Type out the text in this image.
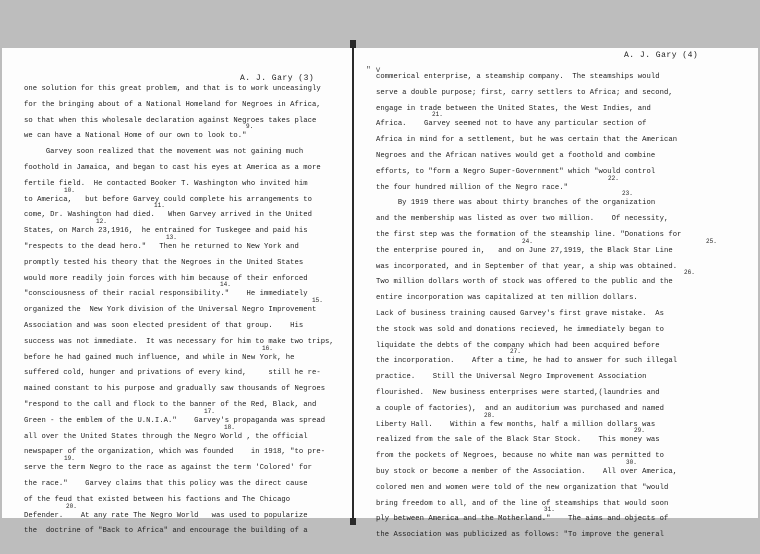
A. J. Gary (3)
one solution for this great problem, and that is to work unceasingly
for the bringing about of a National Homeland for Negroes in Africa,
so that when this wholesale declaration against Negroes takes place
we can have a National Home of our own to look to."
Garvey soon realized that the movement was not gaining much
foothold in Jamaica, and began to cast his eyes at America as a more
fertile field.  He contacted Booker T. Washington who invited him
to America,   but before Garvey could complete his arrangements to
come, Dr. Washington had died.   When Garvey arrived in the United
States, on March 23,1916,  he entrained for Tuskegee and paid his
"respects to the dead hero."   Then he returned to New York and
promptly tested his theory that the Negroes in the United States
would more readily join forces with him because of their enforced
"consciousness of their racial responsibility."    He immediately
organized the  New York division of the Universal Negro Improvement
Association and was soon elected president of that group.    His
success was not immediate.  It was necessary for him to make two trips,
before he had gained much influence, and while in New York, he
suffered cold, hunger and privations of every kind,     still he re-
mained constant to his purpose and gradually saw thousands of Negroes
"respond to the call and flock to the banner of the Red, Black, and
Green - the emblem of the U.N.I.A."    Garvey's propaganda was spread
all over the United States through the Negro World , the official
newspaper of the organization, which was founded    in 1918, "to pre-
serve the term Negro to the race as against the term 'Colored' for
the race."    Garvey claims that this policy was the direct cause
of the feud that existed between his factions and The Chicago
Defender.    At any rate The Negro World   was used to popularize
the  doctrine of "Back to Africa" and encourage the building of a
9.
10.
11.
12.
13.
14.
15.
16.
17.
18.
19.
20.
A. J. Gary (4)
commerical enterprise, a steamship company.  The steamships would
serve a double purpose; first, carry settlers to Africa; and second,
engage in trade between the United States, the West Indies, and
Africa.    Garvey seemed not to have any particular section of
Africa in mind for a settlement, but he was certain that the American
Negroes and the African natives would get a foothold and combine
efforts, to "form a Negro Super-Government" which "would control
the four hundred million of the Negro race."
By 1919 there was about thirty branches of the organization
and the membership was listed as over two million.    Of necessity,
the first step was the formation of the steamship line. "Donations for
the enterprise poured in,   and on June 27,1919, the Black Star Line
was incorporated, and in September of that year, a ship was obtained.
Two million dollars worth of stock was offered to the public and the
entire incorporation was capitalized at ten million dollars.
Lack of business training caused Garvey's first grave mistake.  As
the stock was sold and donations recieved, he immediately began to
liquidate the debts of the company which had been acquired before
the incorporation.    After a time, he had to answer for such illegal
practice.    Still the Universal Negro Improvement Association
flourished.  New business enterprises were started,(laundries and
a couple of factories),  and an auditorium was purchased and named
Liberty Hall.    Within a few months, half a million dollars was
realized from the sale of the Black Star Stock.    This money was
from the pockets of Negroes, because no white man was permitted to
buy stock or become a member of the Association.    All over America,
colored men and women were told of the new organization that "would
bring freedom to all, and of the line of steamships that would soon
ply between America and the Motherland."    The aims and objects of
the Association was publicized as follows: "To improve the general
21.
22.
23.
24.	25.
26.
27.
28.
29.
30.
31.
" v
